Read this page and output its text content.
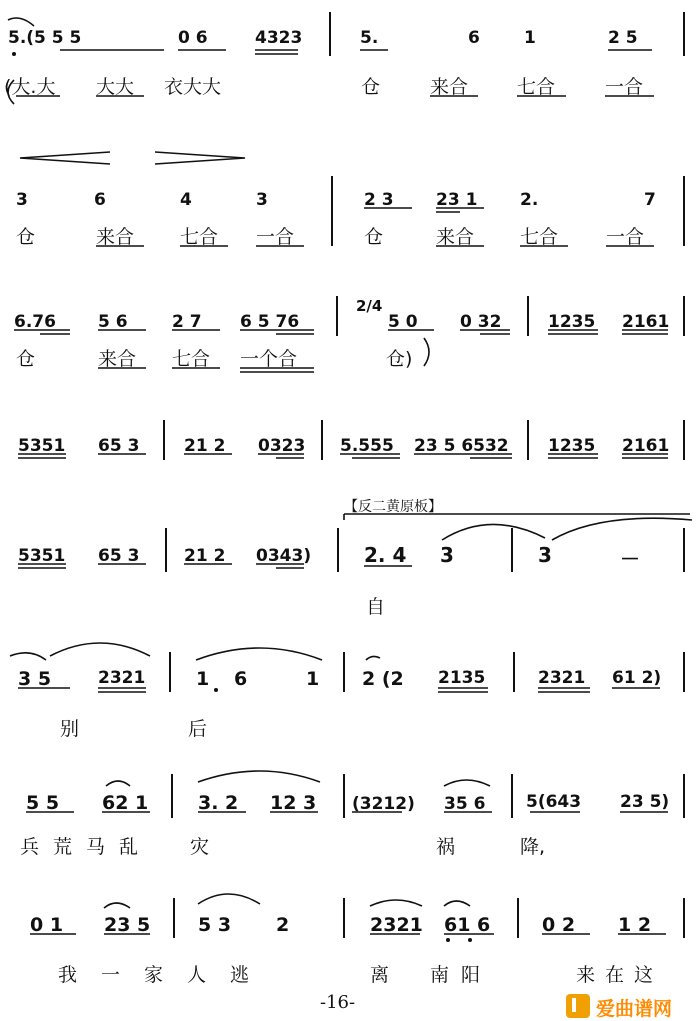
5.(5 5 5	0 6	4323	5.	6	1	2 5
(大.大 大大 衣大大	仓	来合	七合	一合
3	6	4	3	2 3 23 1	2.	7
仓	来合 七合 一合	仓	来合 七合	一合
6.76 5 6	2 7 6 5 76
2/4
5 0 0 32	1235 2161
仓	来合 七合 一个合	仓)
5351 65 3	21 2 0323 5.555 23 5 6532 1235 2161
【反二黄原板】
5351 65 3	21 2 0343)	2. 4 3	3	－
自
3 5	2321	1 6	1 2 (2 2135	2321 61 2)
别	后
5 5 62 1	3. 2 12 3 (3212) 35 6 5(643 23 5)
兵荒马乱 灾	祸	降,
0 1 23 5	5 3 2	2321 61 6	0 2 1 2
我一家人逃	离 南阳	来在这
-16-	爱曲谱网
